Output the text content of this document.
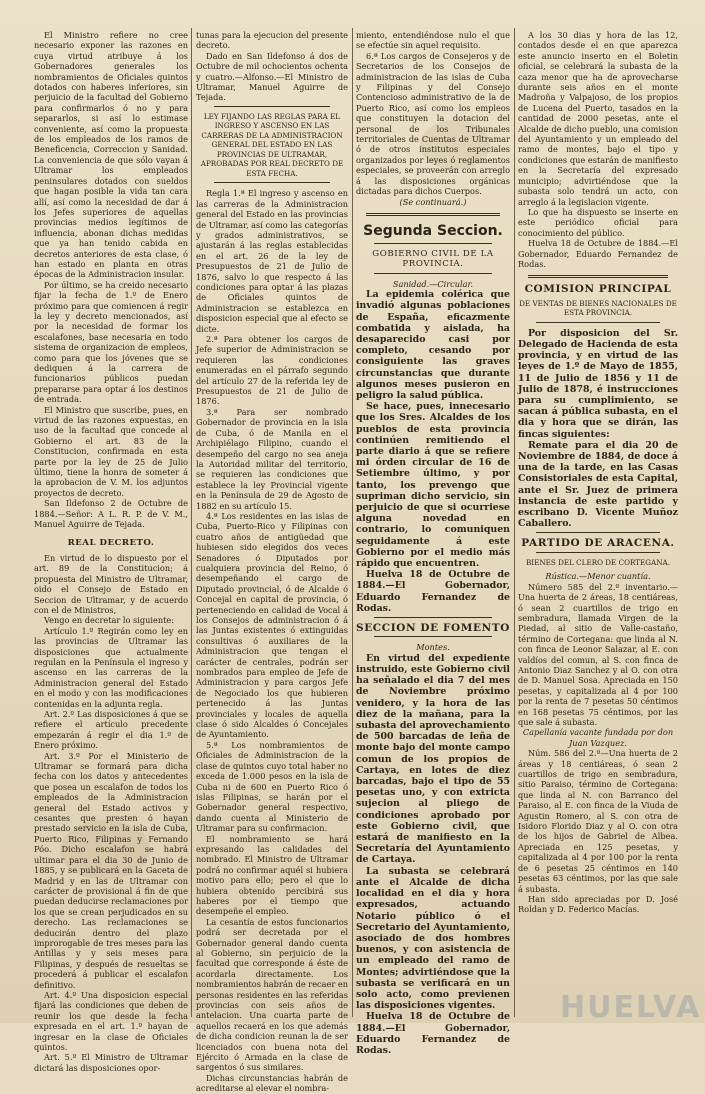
El Ministro refiere no cree necesario exponer las razones en cuya virtud atribuye á los Gobernadores generales los nombramientos de Oficiales quintos dotados con haberes inferiores, sin perjuicio de la facultad del Gobierno para confirmarlos ó no y para separarlos, si así lo estimase conveniente, así como la propuesta de los empleados de los ramos de Beneficencia, Correccion y Sanidad. La conveniencia de que sólo vayan á Ultramar los empleados peninsulares dotados con sueldos que hagan posible la vida tan cara allí, así como la necesidad de dar á los Jefes superiores de aquellas provincias medios legítimos de influencia, abonan dichas medidas que ya han tenido cabida en decretos anteriores de esta clase, ó han estado en planta en otras épocas de la Administracion insular.

Por último, se ha creido necesario fijar la fecha de 1.º de Enero próximo para que comiencen á regir la ley y decreto mencionados, así por la necesidad de formar los escalafones, base necesaria en todo sistema de organizacion de empleos, como para que los jóvenes que se dediquen á la carrera de funcionarios públicos puedan prepararse para optar á los destinos de entrada.

El Ministro que suscribe, pues, en virtud de las razones expuestas, en uso de la facultad que concede al Gobierno el art. 83 de la Constitucion, confirmada en esta parte por la ley de 25 de Julio último, tiene la honra de someter á la aprobacion de V. M. los adjuntos proyectos de decreto.

San Ildefonso 2 de Octubre de 1884.—Señor: A L. R. P. de V. M., Manuel Aguirre de Tejada.

REAL DECRETO.

En virtud de lo dispuesto por el art. 89 de la Constitucion; á propuesta del Ministro de Ultramar, oido el Consejo de Estado en Seccion de Ultramar, y de acuerdo con el de Ministros,

Vengo en decretar lo siguiente:

Artículo 1.º Regirán como ley en las provincias de Ultramar las disposiciones que actualmente regulan en la Península el ingreso y ascenso en las carreras de la Administracion general del Estado en el modo y con las modificaciones contenidas en la adjunta regla.

Art. 2.º Las disposiciones á que se refiere el artículo precedente empezarán á regir el dia 1.º de Enero próximo.

Art. 3.º Por el Ministerio de Ultramar se formará para dicha fecha con los datos y antecedentes que posea un escalafon de todos los empleados de la Administracion general del Estado activos y cesantes que presten ó hayan prestado servicio en la isla de Cuba, Puerto Rico, Filipinas y Fernando Póo. Dicho escalafon se habrá ultimar para el dia 30 de Junio de 1885, y se publicará en la Gaceta de Madrid y en las de Ultramar con carácter de provisional á fin de que puedan deducirse reclamaciones por los que se crean perjudicados en su derecho. Las reclamaciones se deducirán dentro del plazo improrogable de tres meses para las Antillas y y seis meses para Filipinas, y después de resueltas se procederá á publicar el escalafon definitivo.

Art. 4.º Una disposicion especial fijará las condiciones que deben de reunir los que desde la fecha expresada en el art. 1.º hayan de ingresar en la clase de Oficiales quintos.

Art. 5.º El Ministro de Ultramar dictará las disposiciones opor-

tunas para la ejecucion del presente decreto.

Dado en San Ildefonso á dos de Octubre de mil ochocientos ochenta y cuatro.—Alfonso.—El Ministro de Ultramar, Manuel Aguirre de Tejada.

LEY FIJANDO LAS REGLAS PARA EL INGRESO Y ASCENSO EN LAS CARRERAS DE LA ADMINISTRACION GENERAL DEL ESTADO EN LAS PROVINCIAS DE ULTRAMAR, APROBADAS POR REAL DECRETO DE ESTA FECHA.

Regla 1.ª El ingreso y ascenso en las carreras de la Administracion general del Estado en las provincias de Ultramar, así como las categorías y grados administrativos, se ajustarán á las reglas establecidas en el art. 26 de la ley de Presupuestos de 21 de Julio de 1876, salvo lo que respecto á las condiciones para optar á las plazas de Oficiales quintos de Administracion se establezca en disposicion especial que al efecto se dicte.

2.ª Para obtener los cargos de Jefe superior de Administracion se requieren las condiciones enumeradas en el párrafo segundo del artículo 27 de la referida ley de Presupuestos de 21 de Julio de 1876.

3.ª Para ser nombrado Gobernador de provincia en la isla de Cuba, ó de Manila en el Archipiélago Filipino, cuando el desempeño del cargo no sea aneja la Autoridad militar del territorio, se requieren las condiciones que establece la ley Provincial vigente en la Península de 29 de Agosto de 1882 en su artículo 15.

4.ª Los residentes en las islas de Cuba, Puerto-Rico y Filipinas con cuatro años de antigüedad que hubiesen sido elegidos dos veces Senadores ó Diputados por cualquiera provincia del Reino, ó desempeñando el cargo de Diputado provincial, ó de Alcalde ó Concejal en capital de provincia, ó perteneciendo en calidad de Vocal á los Consejos de administracion ó á las Juntas existentes ó extinguidas consultivas ó auxiliares de la Administracion que tengan el carácter de centrales, podrán ser nombrados para empleo de Jefe de Administracion y para cargos Jefe de Negociado los que hubieren pertenecido á las Juntas provinciales y locales de aquella clase ó sido Alcaldes ó Concejales de Ayuntamiento.

5.ª Los nombramientos de Oficiales de Administracion de la clase de quintos cuyo total haber no exceda de 1.000 pesos en la isla de Cuba ni de 600 en Puerto Rico ó islas Filipinas, se harán por el Gobernador general respectivo, dando cuenta al Ministerio de Ultramar para su confirmacion.

El nombramiento se hará expresando las calidades del nombrado. El Ministro de Ultramar podrá no confirmar aquél si hubiera motivo para ello; pero el que lo hubiera obtenido percibirá sus haberes por el tiempo que desempeñe el empleo.

La cesantía de estos funcionarios podrá ser decretada por el Gobernador general dando cuenta al Gobierno, sin perjuicio de la facultad que corresponde á éste de acordarla directamente. Los nombramientos habrán de recaer en personas residentes en las referidas provincias con seis años de antelacion. Una cuarta parte de aquellos recaerá en los que además de dicha condicion reunan la de ser licenciados con buena nota del Ejército ó Armada en la clase de sargentos ó sus similares.

Dichas circunstancias habrán de acreditarse al elevar el nombra-

miento, entendiéndose nulo el que se efectúe sin aquel requisito.

6.ª Los cargos de Consejeros y de Secretarios de los Consejos de administracion de las islas de Cuba y Filipinas y del Consejo Contencioso administrativo de la de Puerto Rico, así como los empleos que constituyen la dotacion del personal de los Tribunales territoriales de Cuentas de Ultramar ó de otros institutos especiales organizados por leyes ó reglamentos especiales, se proveerán con arreglo á las disposiciones orgánicas dictadas para dichos Cuerpos.

(Se continuará.)

Segunda Seccion.
GOBIERNO CIVIL DE LA PROVINCIA.

Sanidad.—Circular.

La epidemia colérica que invadió algunas poblaciones de España, eficazmente combatida y aislada, ha desaparecido casi por completo, cesando por consiguiente las graves circunstancias que durante algunos meses pusieron en peligro la salud pública.

Se hace, pues, innecesario que los Sres. Alcaldes de los pueblos de esta provincia continúen remitiendo el parte diario á que se refiere mi órden circular de 16 de Setiembre último, y por tanto, los prevengo que supriman dicho servicio, sin perjuicio de que si ocurriese alguna novedad en contrario, lo comuniquen seguidamente á este Gobierno por el medio más rápido que encuentren.

Huelva 18 de Octubre de 1884.—El Gobernador, Eduardo Fernandez de Rodas.

SECCION DE FOMENTO

Montes.

En virtud del expediente instruido, este Gobierno civil ha señalado el dia 7 del mes de Noviembre próximo venidero, y la hora de las diez de la mañana, para la subasta del aprovechamiento de 500 barcadas de leña de monte bajo del monte campo comun de los propios de Cartaya, en lotes de diez barcadas, bajo el tipo de 55 pesetas uno, y con extricta sujecion al pliego de condiciones aprobado por este Gobierno civil, que estará de manifiesto en la Secretaría del Ayuntamiento de Cartaya.

La subasta se celebrará ante el Alcalde de dicha localidad en el dia y hora expresados, actuando Notario público ó el Secretario del Ayuntamiento, asociado de dos hombres buenos, y con asistencia de un empleado del ramo de Montes; advirtiéndose que la subasta se verificará en un solo acto, como previenen las disposiciones vigentes.

Huelva 18 de Octubre de 1884.—El Gobernador, Eduardo Fernandez de Rodas.

A los 30 dias y hora de las 12, contados desde el en que aparezca este anuncio inserto en el Boletin oficial, se celebrará la subasta de la caza menor que ha de aprovecharse durante seis años en el monte Madroña y Valpajoso, de los propios de Lucena del Puerto, tasados en la cantidad de 2000 pesetas, ante el Alcalde de dicho pueblo, una comision del Ayuntamiento y un empleado del ramo de montes, bajo el tipo y condiciones que estarán de manifiesto en la Secretaría del expresado municipio; advirtiéndose que la subasta solo tendrá un acto, con arreglo á la legislacion vigente.

Lo que ha dispuesto se inserte en este periódico oficial para conocimiento del público.

Huelva 18 de Octubre de 1884.—El Gobernador, Eduardo Fernandez de Rodas.

COMISION PRINCIPAL
DE VENTAS DE BIENES NACIONALES DE ESTA PROVINCIA.

Por disposicion del Sr. Delegado de Hacienda de esta provincia, y en virtud de las leyes de 1.º de Mayo de 1855, 11 de Julio de 1856 y 11 de Julio de 1878, é instrucciones para su cumplimiento, se sacan á pública subasta, en el dia y hora que se dirán, las fincas siguientes:

Remate para el dia 20 de Noviembre de 1884, de doce á una de la tarde, en las Casas Consistoriales de esta Capital, ante el Sr. Juez de primera instancia de este partido y escribano D. Vicente Muñoz Caballero.

PARTIDO DE ARACENA.
BIENES DEL CLERO DE CORTEGANA.

Rústica.—Menor cuantía.

Número 585 del 2.º inventario.—Una huerta de 2 áreas, 18 centiáreas, ó sean 2 cuartillos de trigo en sembradura, llamada Virgen de la Piedad, al sitio de Valle-castaño, término de Cortegana: que linda al N. con finca de Leonor Salazar, al E. con valdíos del comun, al S. con finca de Antonio Diaz Sanchez y al O. con otra de D. Manuel Sosa. Apreciada en 150 pesetas, y capitalizada al 4 por 100 por la renta de 7 pesetas 50 céntimos en 168 pesetas 75 céntimos, por las que sale á subasta.

Capellanía vacante fundada por don Juan Vazquez.

Núm. 586 del 2.º—Una huerta de 2 áreas y 18 centiáreas, ó sean 2 cuartillos de trigo en sembradura, sitio Paraiso, término de Cortegana: que linda al N. con Barranco del Paraiso, al E. con finca de la Viuda de Agustin Romero, al S. con otra de Isidoro Florido Diaz y al O. con otra de los hijos de Gabriel de Albea. Apreciada en 125 pesetas, y capitalizada al 4 por 100 por la renta de 6 pesetas 25 céntimos en 140 pesetas 63 céntimos, por las que sale á subasta.

Han sido apreciadas por D. José Roldan y D. Federico Macías.

HUELVA
